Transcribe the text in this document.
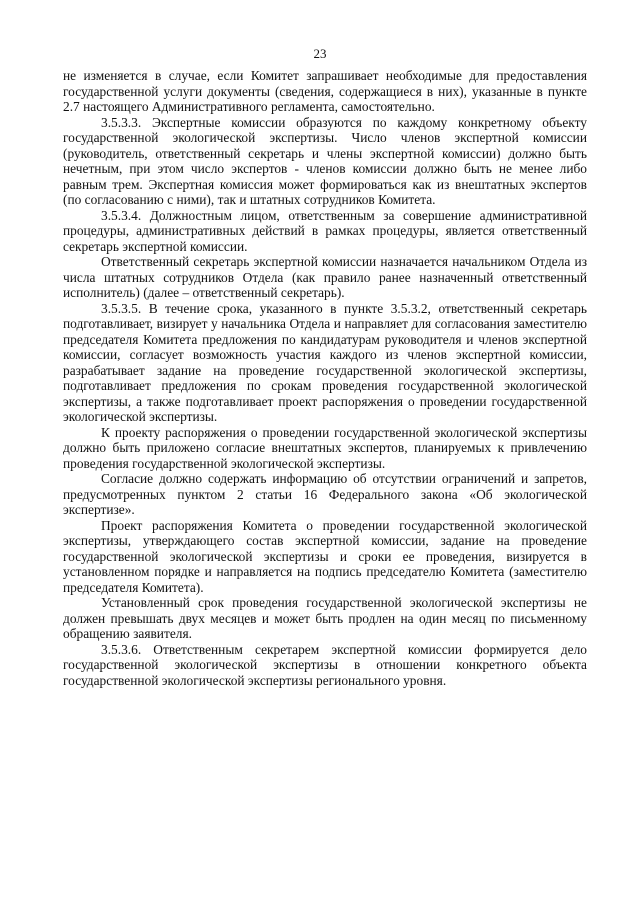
23

не изменяется в случае, если Комитет запрашивает необходимые для предоставления государственной услуги документы (сведения, содержащиеся в них), указанные в пункте 2.7 настоящего Административного регламента, самостоятельно.

3.5.3.3. Экспертные комиссии образуются по каждому конкретному объекту государственной экологической экспертизы. Число членов экспертной комиссии (руководитель, ответственный секретарь и члены экспертной комиссии) должно быть нечетным, при этом число экспертов - членов комиссии должно быть не менее либо равным трем. Экспертная комиссия может формироваться как из внештатных экспертов (по согласованию с ними), так и штатных сотрудников Комитета.

3.5.3.4. Должностным лицом, ответственным за совершение административной процедуры, административных действий в рамках процедуры, является ответственный секретарь экспертной комиссии.

Ответственный секретарь экспертной комиссии назначается начальником Отдела из числа штатных сотрудников Отдела (как правило ранее назначенный ответственный исполнитель) (далее – ответственный секретарь).

3.5.3.5. В течение срока, указанного в пункте 3.5.3.2, ответственный секретарь подготавливает, визирует у начальника Отдела и направляет для согласования заместителю председателя Комитета предложения по кандидатурам руководителя и членов экспертной комиссии, согласует возможность участия каждого из членов экспертной комиссии, разрабатывает задание на проведение государственной экологической экспертизы, подготавливает предложения по срокам проведения государственной экологической экспертизы, а также подготавливает проект распоряжения о проведении государственной экологической экспертизы.

К проекту распоряжения о проведении государственной экологической экспертизы должно быть приложено согласие внештатных экспертов, планируемых к привлечению проведения государственной экологической экспертизы.

Согласие должно содержать информацию об отсутствии ограничений и запретов, предусмотренных пунктом 2 статьи 16 Федерального закона «Об экологической экспертизе».

Проект распоряжения Комитета о проведении государственной экологической экспертизы, утверждающего состав экспертной комиссии, задание на проведение государственной экологической экспертизы и сроки ее проведения, визируется в установленном порядке и направляется на подпись председателю Комитета (заместителю председателя Комитета).

Установленный срок проведения государственной экологической экспертизы не должен превышать двух месяцев и может быть продлен на один месяц по письменному обращению заявителя.

3.5.3.6. Ответственным секретарем экспертной комиссии формируется дело государственной экологической экспертизы в отношении конкретного объекта государственной экологической экспертизы регионального уровня.
